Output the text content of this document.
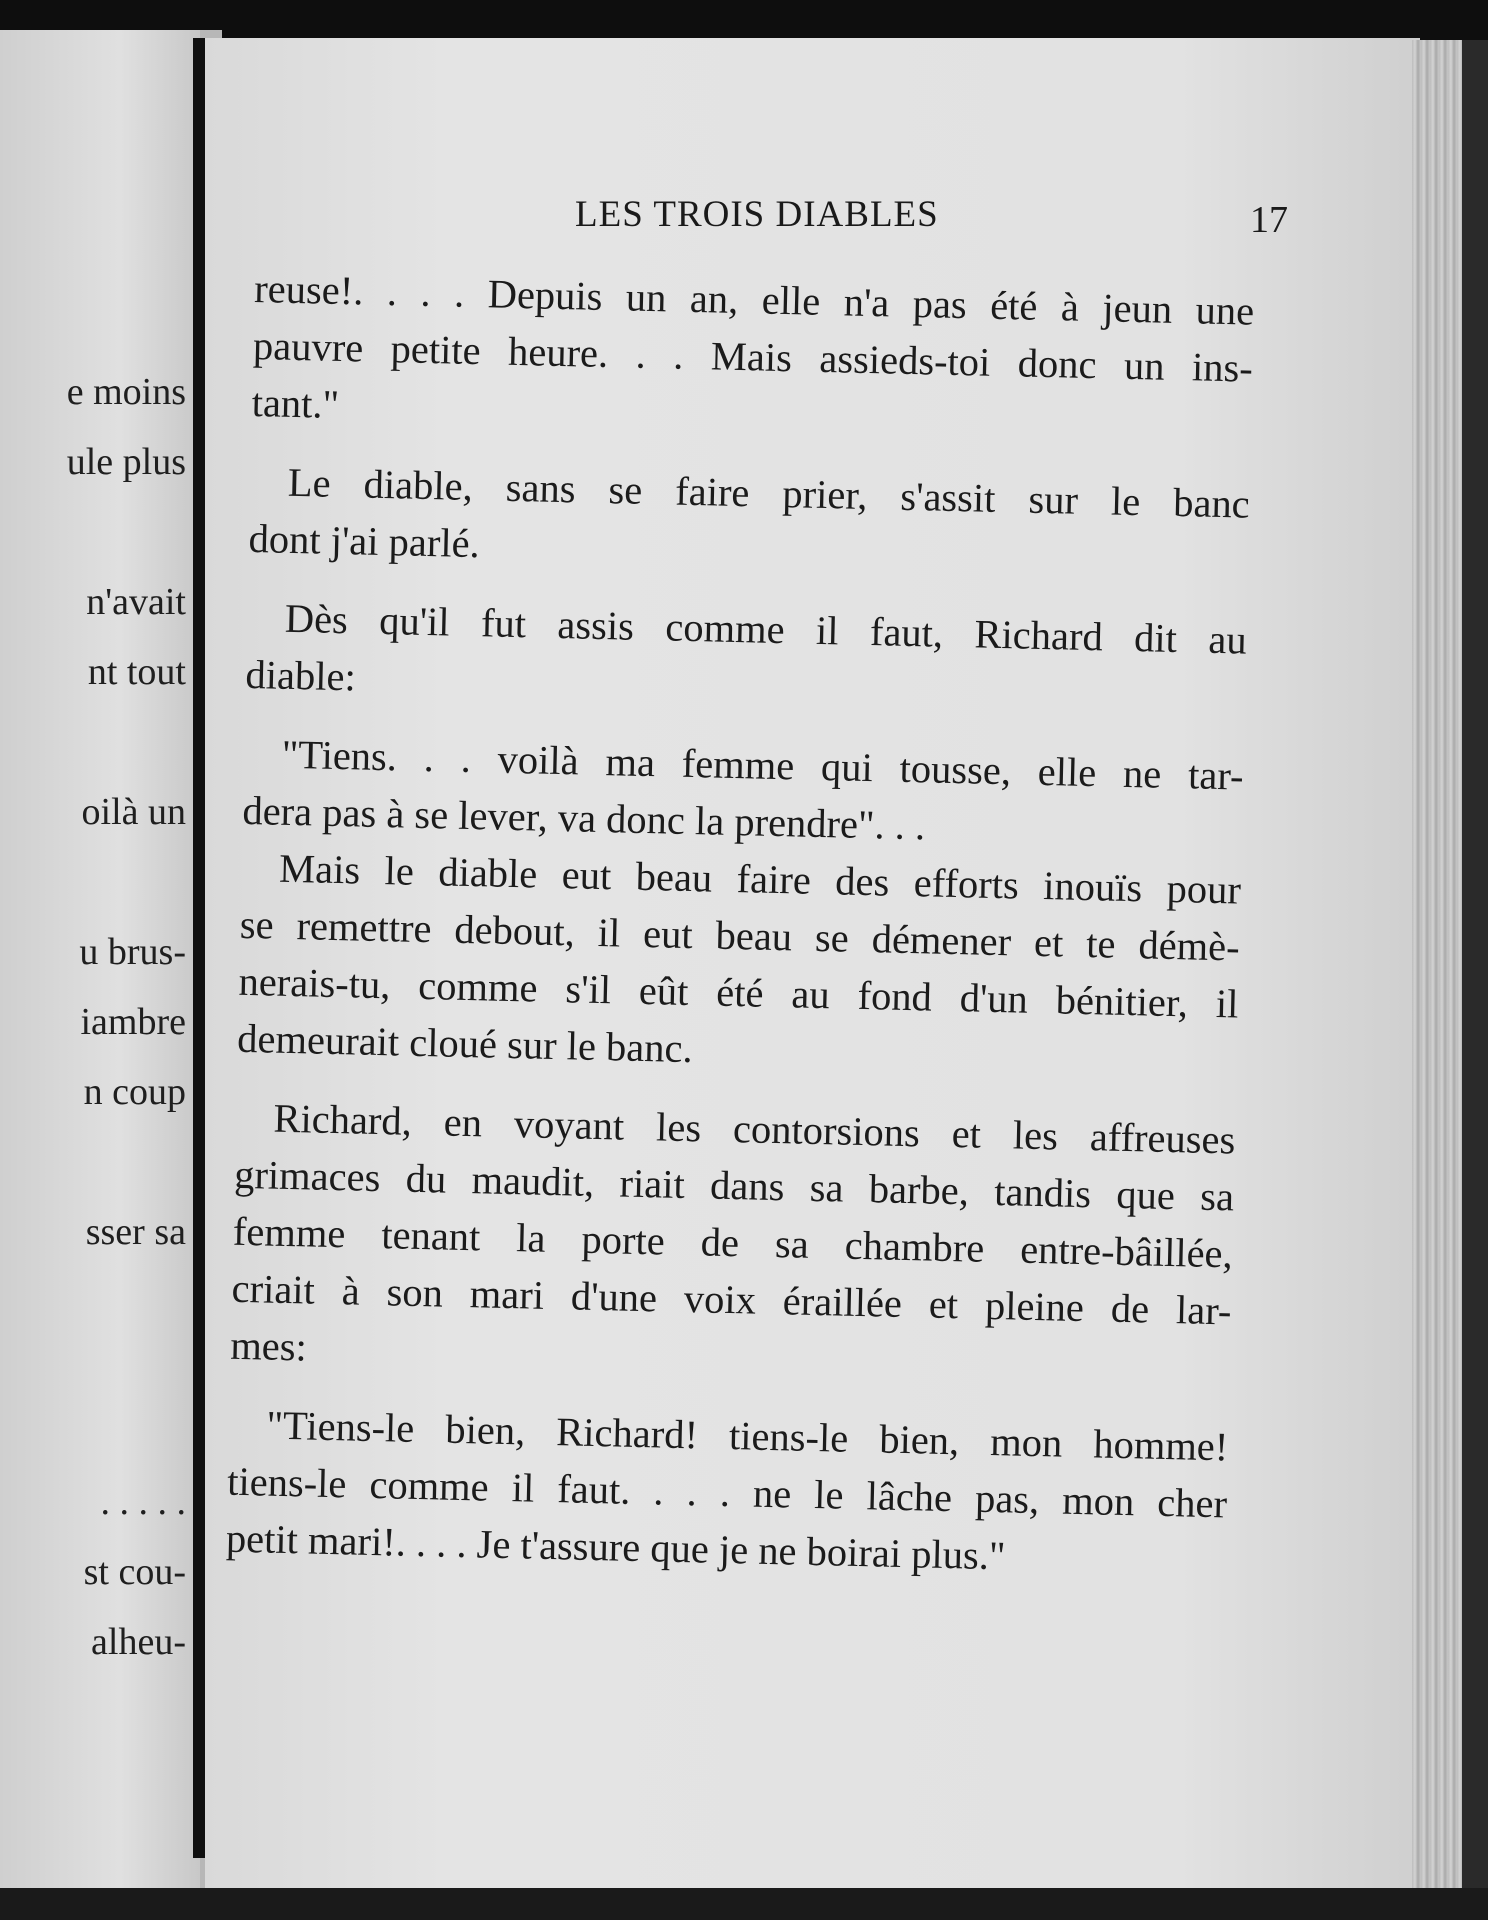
e moins
ule plus
n'avait
nt tout
oilà un
u brus-
iambre
n coup
sser sa
. . . . .
st cou-
alheu-
LES TROIS DIABLES	17
reuse!. . . . Depuis un an, elle n'a pas été à jeun une
pauvre petite heure. . . Mais assieds-toi donc un ins-
tant."
Le diable, sans se faire prier, s'assit sur le banc
dont j'ai parlé.
Dès qu'il fut assis comme il faut, Richard dit au
diable:
"Tiens. . . voilà ma femme qui tousse, elle ne tar-
dera pas à se lever, va donc la prendre". . .
Mais le diable eut beau faire des efforts inouïs pour
se remettre debout, il eut beau se démener et te démè-
nerais-tu, comme s'il eût été au fond d'un bénitier, il
demeurait cloué sur le banc.
Richard, en voyant les contorsions et les affreuses
grimaces du maudit, riait dans sa barbe, tandis que sa
femme tenant la porte de sa chambre entre-bâillée,
criait à son mari d'une voix éraillée et pleine de lar-
mes:
"Tiens-le bien, Richard! tiens-le bien, mon homme!
tiens-le comme il faut. . . . ne le lâche pas, mon cher
petit mari!. . . . Je t'assure que je ne boirai plus."
